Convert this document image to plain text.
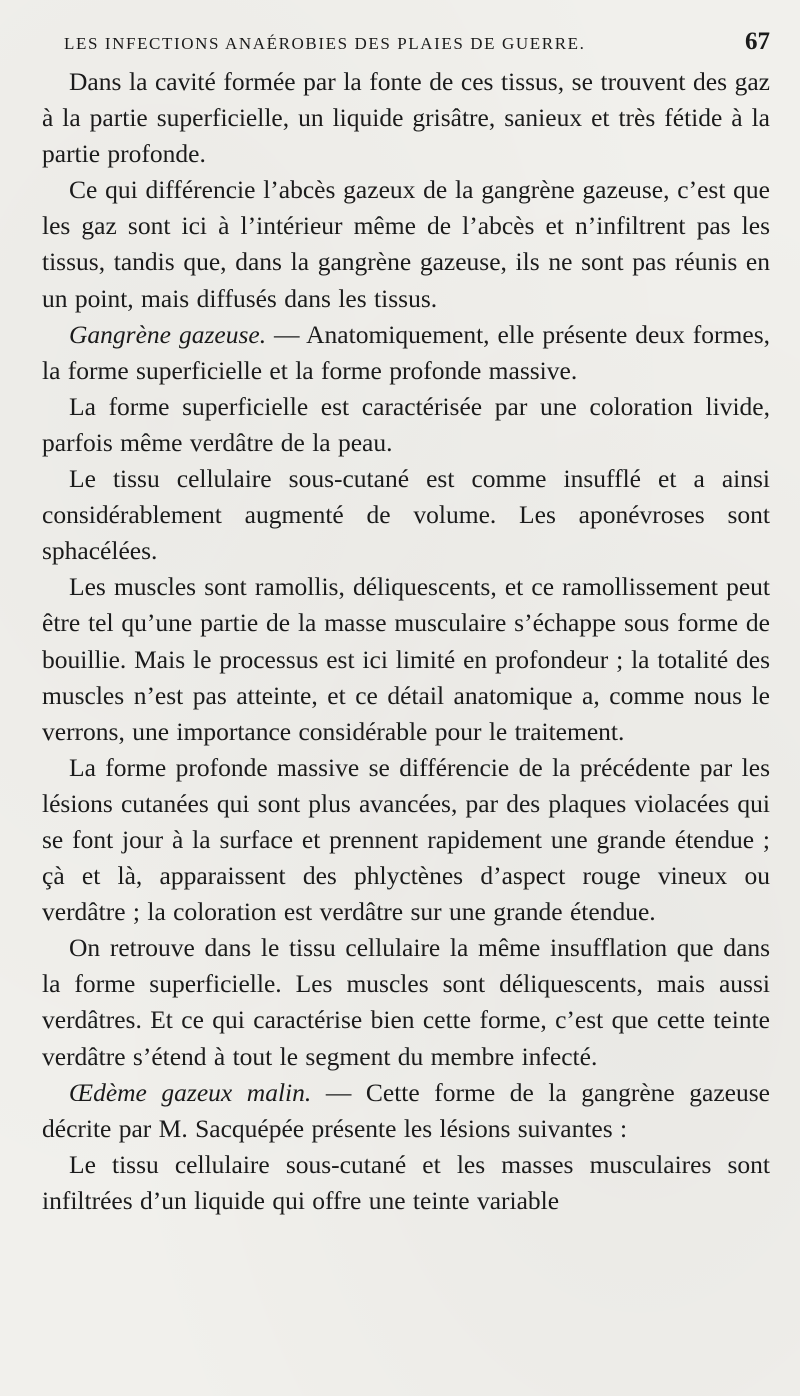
LES INFECTIONS ANAÉROBIES DES PLAIES DE GUERRE.	67

Dans la cavité formée par la fonte de ces tissus, se trouvent des gaz à la partie superficielle, un liquide grisâtre, sanieux et très fétide à la partie profonde.

Ce qui différencie l’abcès gazeux de la gangrène gazeuse, c’est que les gaz sont ici à l’intérieur même de l’abcès et n’infiltrent pas les tissus, tandis que, dans la gangrène gazeuse, ils ne sont pas réunis en un point, mais diffusés dans les tissus.

Gangrène gazeuse. — Anatomiquement, elle présente deux formes, la forme superficielle et la forme profonde massive.

La forme superficielle est caractérisée par une coloration livide, parfois même verdâtre de la peau.

Le tissu cellulaire sous-cutané est comme insufflé et a ainsi considérablement augmenté de volume. Les aponévroses sont sphacélées.

Les muscles sont ramollis, déliquescents, et ce ramollissement peut être tel qu’une partie de la masse musculaire s’échappe sous forme de bouillie. Mais le processus est ici limité en profondeur ; la totalité des muscles n’est pas atteinte, et ce détail anatomique a, comme nous le verrons, une importance considérable pour le traitement.

La forme profonde massive se différencie de la précédente par les lésions cutanées qui sont plus avancées, par des plaques violacées qui se font jour à la surface et prennent rapidement une grande étendue ; çà et là, apparaissent des phlyctènes d’aspect rouge vineux ou verdâtre ; la coloration est verdâtre sur une grande étendue.

On retrouve dans le tissu cellulaire la même insufflation que dans la forme superficielle. Les muscles sont déliquescents, mais aussi verdâtres. Et ce qui caractérise bien cette forme, c’est que cette teinte verdâtre s’étend à tout le segment du membre infecté.

Œdème gazeux malin. — Cette forme de la gangrène gazeuse décrite par M. Sacquépée présente les lésions suivantes :

Le tissu cellulaire sous-cutané et les masses musculaires sont infiltrées d’un liquide qui offre une teinte variable
